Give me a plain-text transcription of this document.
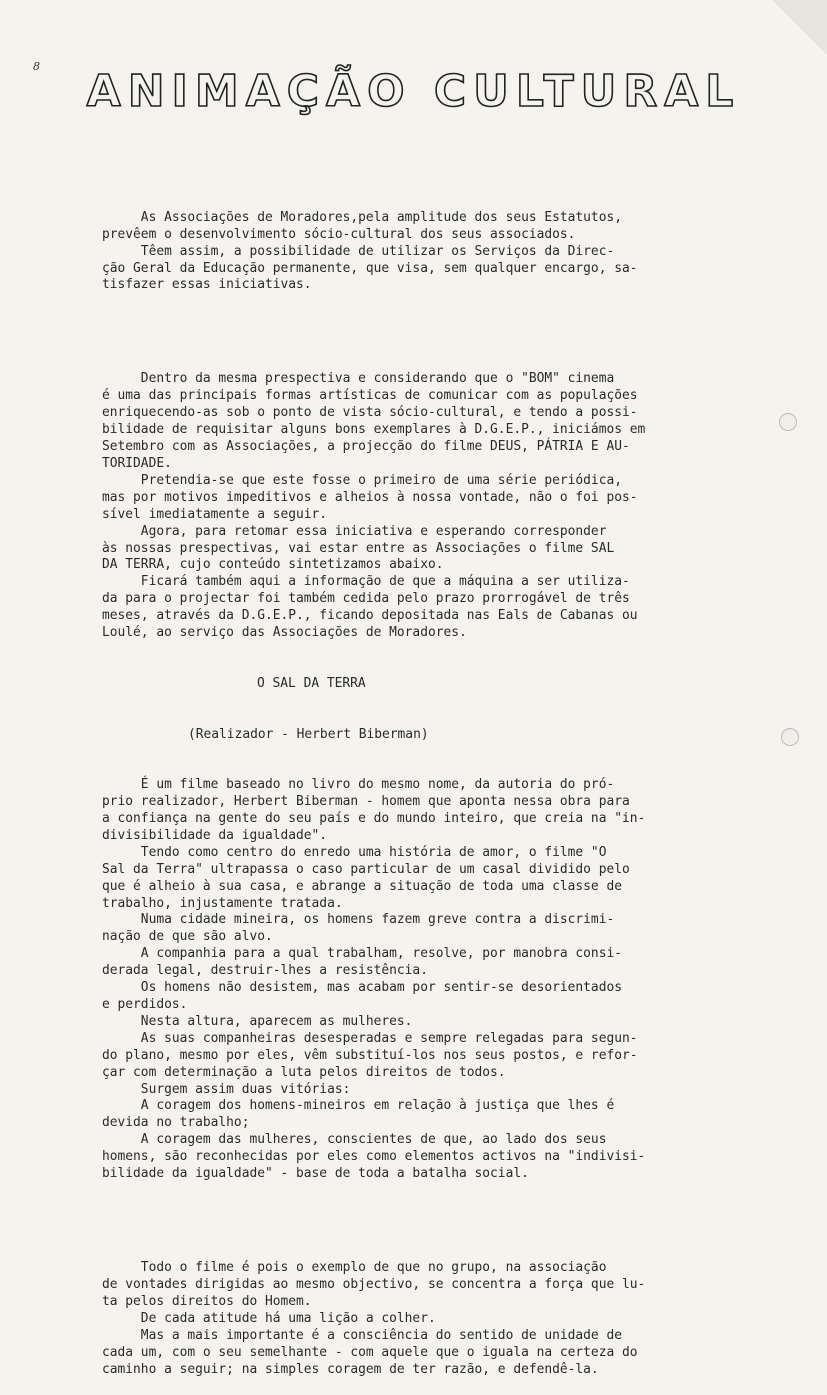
8	ANIMAÇÃO CULTURAL

As Associações de Moradores,pela amplitude dos seus Estatutos,
prevêem o desenvolvimento sócio-cultural dos seus associados.
Têem assim, a possibilidade de utilizar os Serviços da Direc-
ção Geral da Educação permanente, que visa, sem qualquer encargo, sa-
tisfazer essas iniciativas.

Dentro da mesma prespectiva e considerando que o "BOM" cinema
é uma das principais formas artísticas de comunicar com as populações
enriquecendo-as sob o ponto de vista sócio-cultural, e tendo a possi-
bilidade de requisitar alguns bons exemplares à D.G.E.P., iniciámos em
Setembro com as Associações, a projecção do filme DEUS, PÁTRIA E AU-
TORIDADE.
Pretendia-se que este fosse o primeiro de uma série periódica,
mas por motivos impeditivos e alheios à nossa vontade, não o foi pos-
sível imediatamente a seguir.
Agora, para retomar essa iniciativa e esperando corresponder
às nossas prespectivas, vai estar entre as Associações o filme SAL
DA TERRA, cujo conteúdo sintetizamos abaixo.
Ficará também aqui a informação de que a máquina a ser utiliza-
da para o projectar foi também cedida pelo prazo prorrogável de três
meses, através da D.G.E.P., ficando depositada nas Eals de Cabanas ou
Loulé, ao serviço das Associações de Moradores.

O SAL DA TERRA

(Realizador - Herbert Biberman)

É um filme baseado no livro do mesmo nome, da autoria do pró-
prio realizador, Herbert Biberman - homem que aponta nessa obra para
a confiança na gente do seu país e do mundo inteiro, que creia na "in-
divisibilidade da igualdade".
Tendo como centro do enredo uma história de amor, o filme "O
Sal da Terra" ultrapassa o caso particular de um casal dividido pelo
que é alheio à sua casa, e abrange a situação de toda uma classe de
trabalho, injustamente tratada.
Numa cidade mineira, os homens fazem greve contra a discrimi-
nação de que são alvo.
A companhia para a qual trabalham, resolve, por manobra consi-
derada legal, destruir-lhes a resistência.
Os homens não desistem, mas acabam por sentir-se desorientados
e perdidos.
Nesta altura, aparecem as mulheres.
As suas companheiras desesperadas e sempre relegadas para segun-
do plano, mesmo por eles, vêm substituí-los nos seus postos, e refor-
çar com determinação a luta pelos direitos de todos.
Surgem assim duas vitórias:
A coragem dos homens-mineiros em relação à justiça que lhes é
devida no trabalho;
A coragem das mulheres, conscientes de que, ao lado dos seus
homens, são reconhecidas por eles como elementos activos na "indivisi-
bilidade da igualdade" - base de toda a batalha social.

Todo o filme é pois o exemplo de que no grupo, na associação
de vontades dirigidas ao mesmo objectivo, se concentra a força que lu-
ta pelos direitos do Homem.
De cada atitude há uma lição a colher.
Mas a mais importante é a consciência do sentido de unidade de
cada um, com o seu semelhante - com aquele que o iguala na certeza do
caminho a seguir; na simples coragem de ter razão, e defendê-la.
